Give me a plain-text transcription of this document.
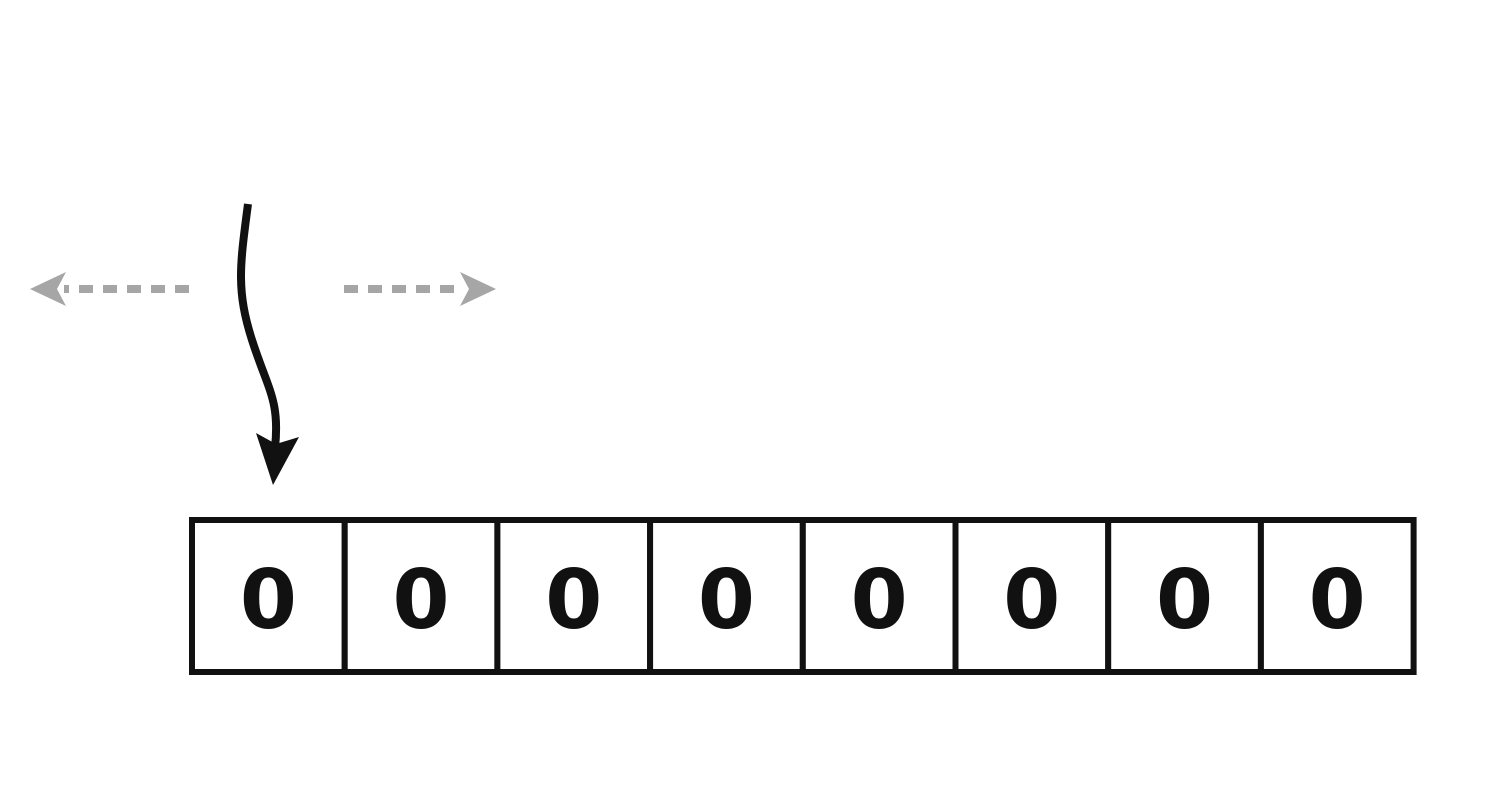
0 0 0 0 0 0 0 0
